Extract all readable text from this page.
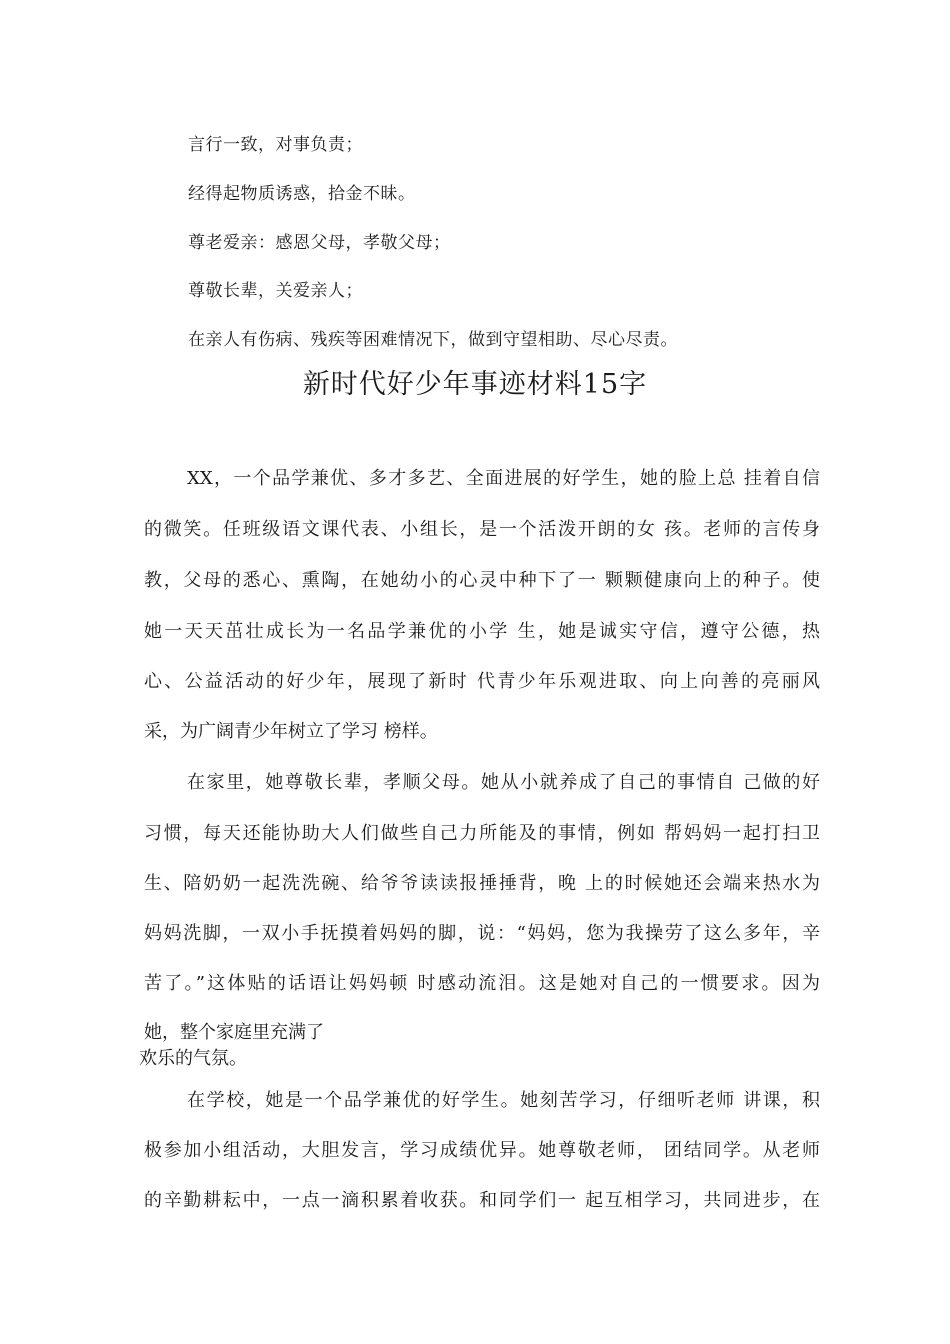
言行一致，对事负责；
经得起物质诱惑，拾金不昧。
尊老爱亲：感恩父母，孝敬父母；
尊敬长辈，关爱亲人；
在亲人有伤病、残疾等困难情况下，做到守望相助、尽心尽责。
新时代好少年事迹材料15字
XX，一个品学兼优、多才多艺、全面进展的好学生，她的脸上总 挂着自信
的微笑。任班级语文课代表、小组长，是一个活泼开朗的女 孩。老师的言传身
教，父母的悉心、熏陶，在她幼小的心灵中种下了一 颗颗健康向上的种子。使
她一天天茁壮成长为一名品学兼优的小学 生，她是诚实守信，遵守公德，热
心、公益活动的好少年，展现了新时 代青少年乐观进取、向上向善的亮丽风
采，为广阔青少年树立了学习 榜样。
在家里，她尊敬长辈，孝顺父母。她从小就养成了自己的事情自 己做的好
习惯，每天还能协助大人们做些自己力所能及的事情，例如 帮妈妈一起打扫卫
生、陪奶奶一起洗洗碗、给爷爷读读报捶捶背，晚 上的时候她还会端来热水为
妈妈洗脚，一双小手抚摸着妈妈的脚，说：“妈妈，您为我操劳了这么多年，辛
苦了。”这体贴的话语让妈妈顿 时感动流泪。这是她对自己的一惯要求。因为
她，整个家庭里充满了
欢乐的气氛。
在学校，她是一个品学兼优的好学生。她刻苦学习，仔细听老师 讲课，积
极参加小组活动，大胆发言，学习成绩优异。她尊敬老师， 团结同学。从老师
的辛勤耕耘中，一点一滴积累着收获。和同学们一 起互相学习，共同进步，在
